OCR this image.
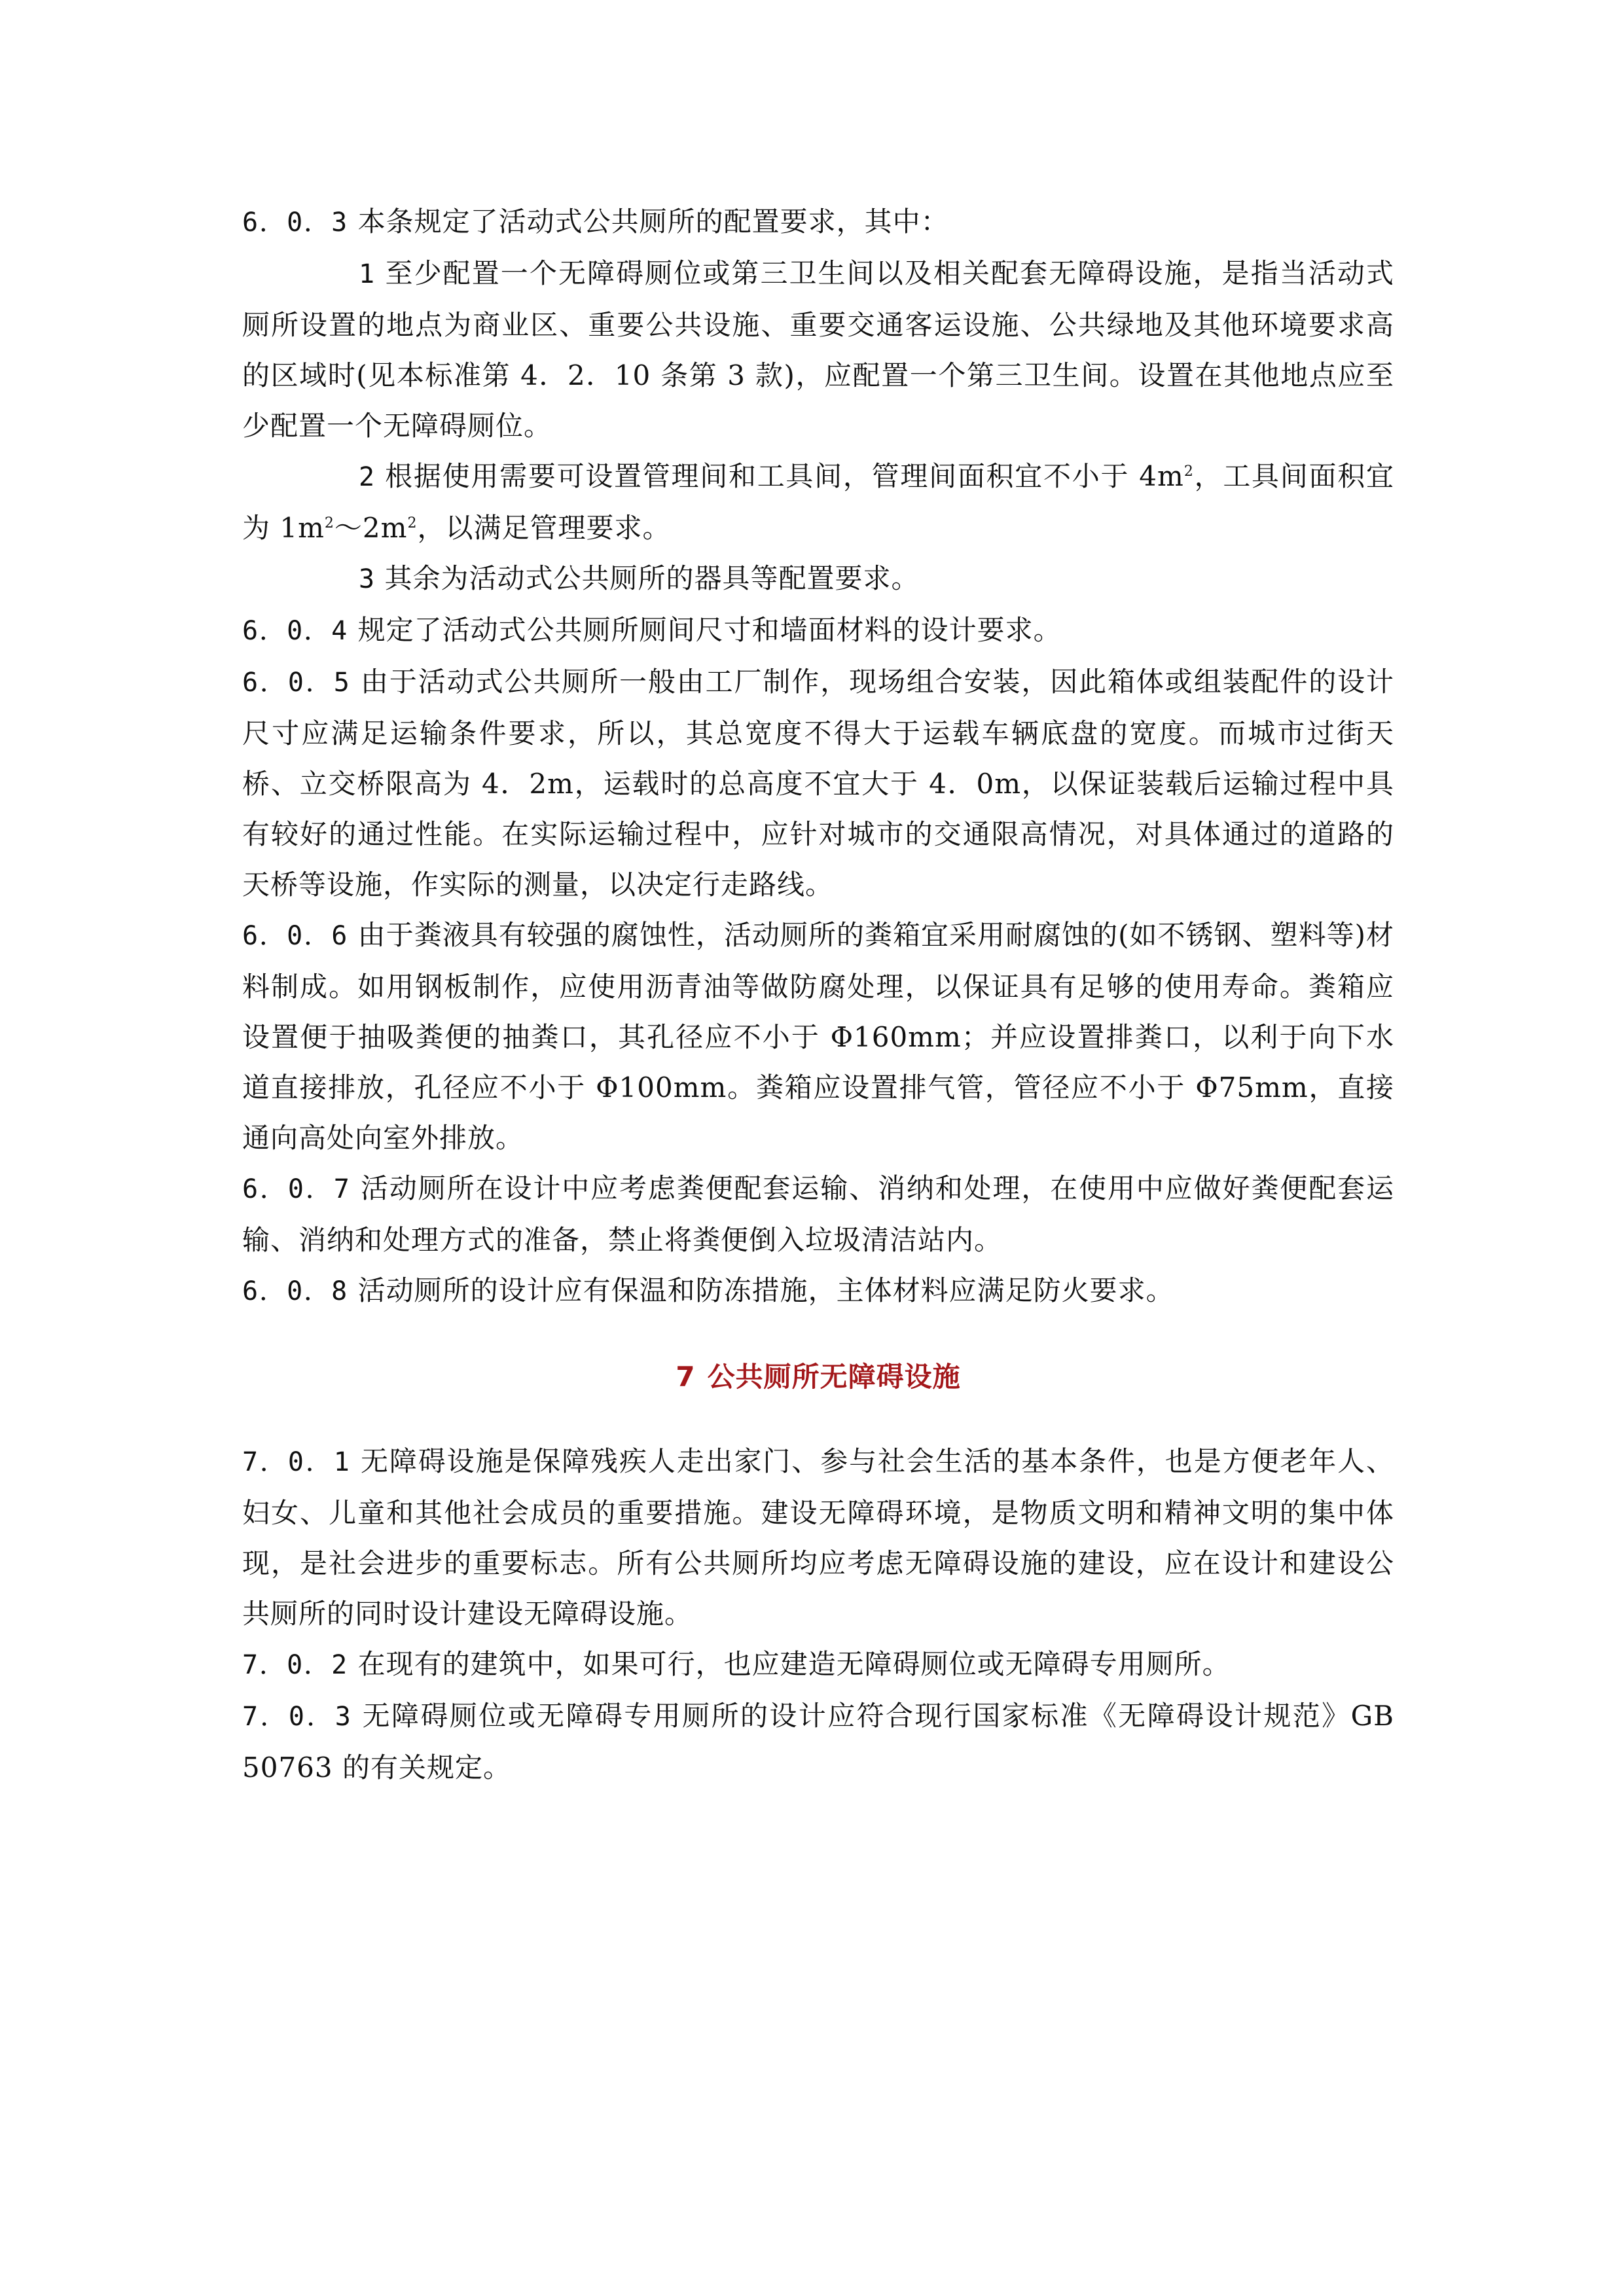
6．0．3 本条规定了活动式公共厕所的配置要求，其中：

1 至少配置一个无障碍厕位或第三卫生间以及相关配套无障碍设施，是指当活动式厕所设置的地点为商业区、重要公共设施、重要交通客运设施、公共绿地及其他环境要求高的区域时(见本标准第 4．2．10 条第 3 款)，应配置一个第三卫生间。设置在其他地点应至少配置一个无障碍厕位。

2 根据使用需要可设置管理间和工具间，管理间面积宜不小于 $4m^2$，工具间面积宜为 $1m^2\sim 2m^2$，以满足管理要求。

3 其余为活动式公共厕所的器具等配置要求。

6．0．4 规定了活动式公共厕所厕间尺寸和墙面材料的设计要求。

6．0．5 由于活动式公共厕所一般由工厂制作，现场组合安装，因此箱体或组装配件的设计尺寸应满足运输条件要求，所以，其总宽度不得大于运载车辆底盘的宽度。而城市过街天桥、立交桥限高为 4．2m，运载时的总高度不宜大于 4．0m，以保证装载后运输过程中具有较好的通过性能。在实际运输过程中，应针对城市的交通限高情况，对具体通过的道路的天桥等设施，作实际的测量，以决定行走路线。

6．0．6 由于粪液具有较强的腐蚀性，活动厕所的粪箱宜采用耐腐蚀的(如不锈钢、塑料等)材料制成。如用钢板制作，应使用沥青油等做防腐处理，以保证具有足够的使用寿命。粪箱应设置便于抽吸粪便的抽粪口，其孔径应不小于 Φ160mm；并应设置排粪口，以利于向下水道直接排放，孔径应不小于 Φ100mm。粪箱应设置排气管，管径应不小于 Φ75mm，直接通向高处向室外排放。

6．0．7 活动厕所在设计中应考虑粪便配套运输、消纳和处理，在使用中应做好粪便配套运输、消纳和处理方式的准备，禁止将粪便倒入垃圾清洁站内。

6．0．8 活动厕所的设计应有保温和防冻措施，主体材料应满足防火要求。

7 公共厕所无障碍设施

7．0．1 无障碍设施是保障残疾人走出家门、参与社会生活的基本条件，也是方便老年人、妇女、儿童和其他社会成员的重要措施。建设无障碍环境，是物质文明和精神文明的集中体现，是社会进步的重要标志。所有公共厕所均应考虑无障碍设施的建设，应在设计和建设公共厕所的同时设计建设无障碍设施。

7．0．2 在现有的建筑中，如果可行，也应建造无障碍厕位或无障碍专用厕所。

7．0．3 无障碍厕位或无障碍专用厕所的设计应符合现行国家标准《无障碍设计规范》GB 50763 的有关规定。
